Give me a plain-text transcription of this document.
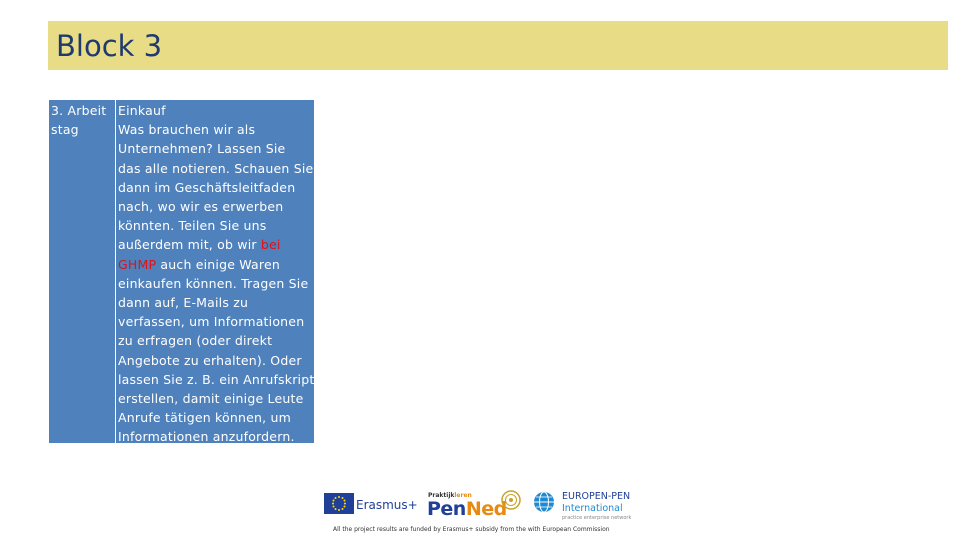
Block 3
3. Arbeitstag
Einkauf
Was brauchen wir als
Unternehmen? Lassen Sie
das alle notieren. Schauen Sie
dann im Geschäftsleitfaden
nach, wo wir es erwerben
könnten. Teilen Sie uns
außerdem mit, ob wir bei
GHMP auch einige Waren
einkaufen können. Tragen Sie
dann auf, E-Mails zu
verfassen, um Informationen
zu erfragen (oder direkt
Angebote zu erhalten). Oder
lassen Sie z. B. ein Anrufskript
erstellen, damit einige Leute
Anrufe tätigen können, um
Informationen anzufordern.
Erasmus+
Praktijkleren
PenNed
EUROPEN-PEN
International
practice enterprise network
All the project results are funded by Erasmus+ subsidy from the with European Commission
